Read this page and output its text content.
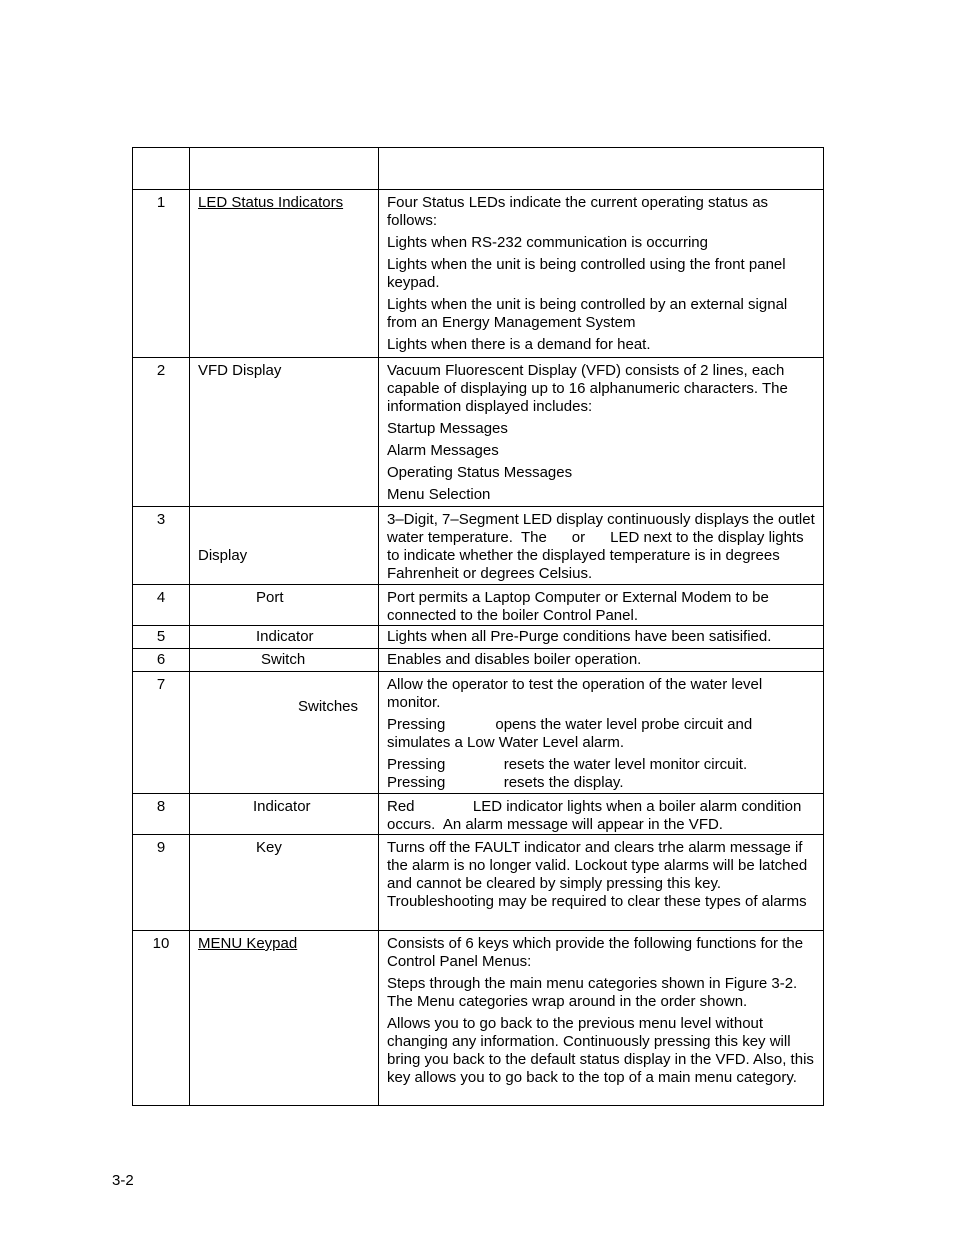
1	LED Status Indicators	Four Status LEDs indicate the current operating status as follows:

Lights when RS-232 communication is occurring

Lights when the unit is being controlled using the front panel keypad.

Lights when the unit is being controlled by an external signal from an Energy Management System

Lights when there is a demand for heat.

2	VFD Display	Vacuum Fluorescent Display (VFD) consists of 2 lines, each capable of displaying up to 16 alphanumeric characters. The information displayed includes:

Startup Messages

Alarm Messages

Operating Status Messages

Menu Selection

3	Display	3–Digit, 7–Segment LED display continuously displays the outlet water temperature.  The      or      LED next to the display lights to indicate whether the displayed temperature is in degrees Fahrenheit or degrees Celsius.

4	Port	Port permits a Laptop Computer or External Modem to be connected to the boiler Control Panel.

5	Indicator	Lights when all Pre-Purge conditions have been satisified.

6	Switch	Enables and disables boiler operation.

7	Switches	Allow the operator to test the operation of the water level monitor.

Pressing            opens the water level probe circuit and simulates a Low Water Level alarm.

Pressing              resets the water level monitor circuit.
Pressing              resets the display.

8	Indicator	Red              LED indicator lights when a boiler alarm condition occurs.  An alarm message will appear in the VFD.

9	Key	Turns off the FAULT indicator and clears trhe alarm message if the alarm is no longer valid. Lockout type alarms will be latched and cannot be cleared by simply pressing this key. Troubleshooting may be required to clear these types of alarms

10	MENU Keypad	Consists of 6 keys which provide the following functions for the Control Panel Menus:

Steps through the main menu categories shown in Figure 3-2. The Menu categories wrap around in the order shown.

Allows you to go back to the previous menu level without changing any information. Continuously pressing this key will bring you back to the default status display in the VFD. Also, this key allows you to go back to the top of a main menu category.

3-2
